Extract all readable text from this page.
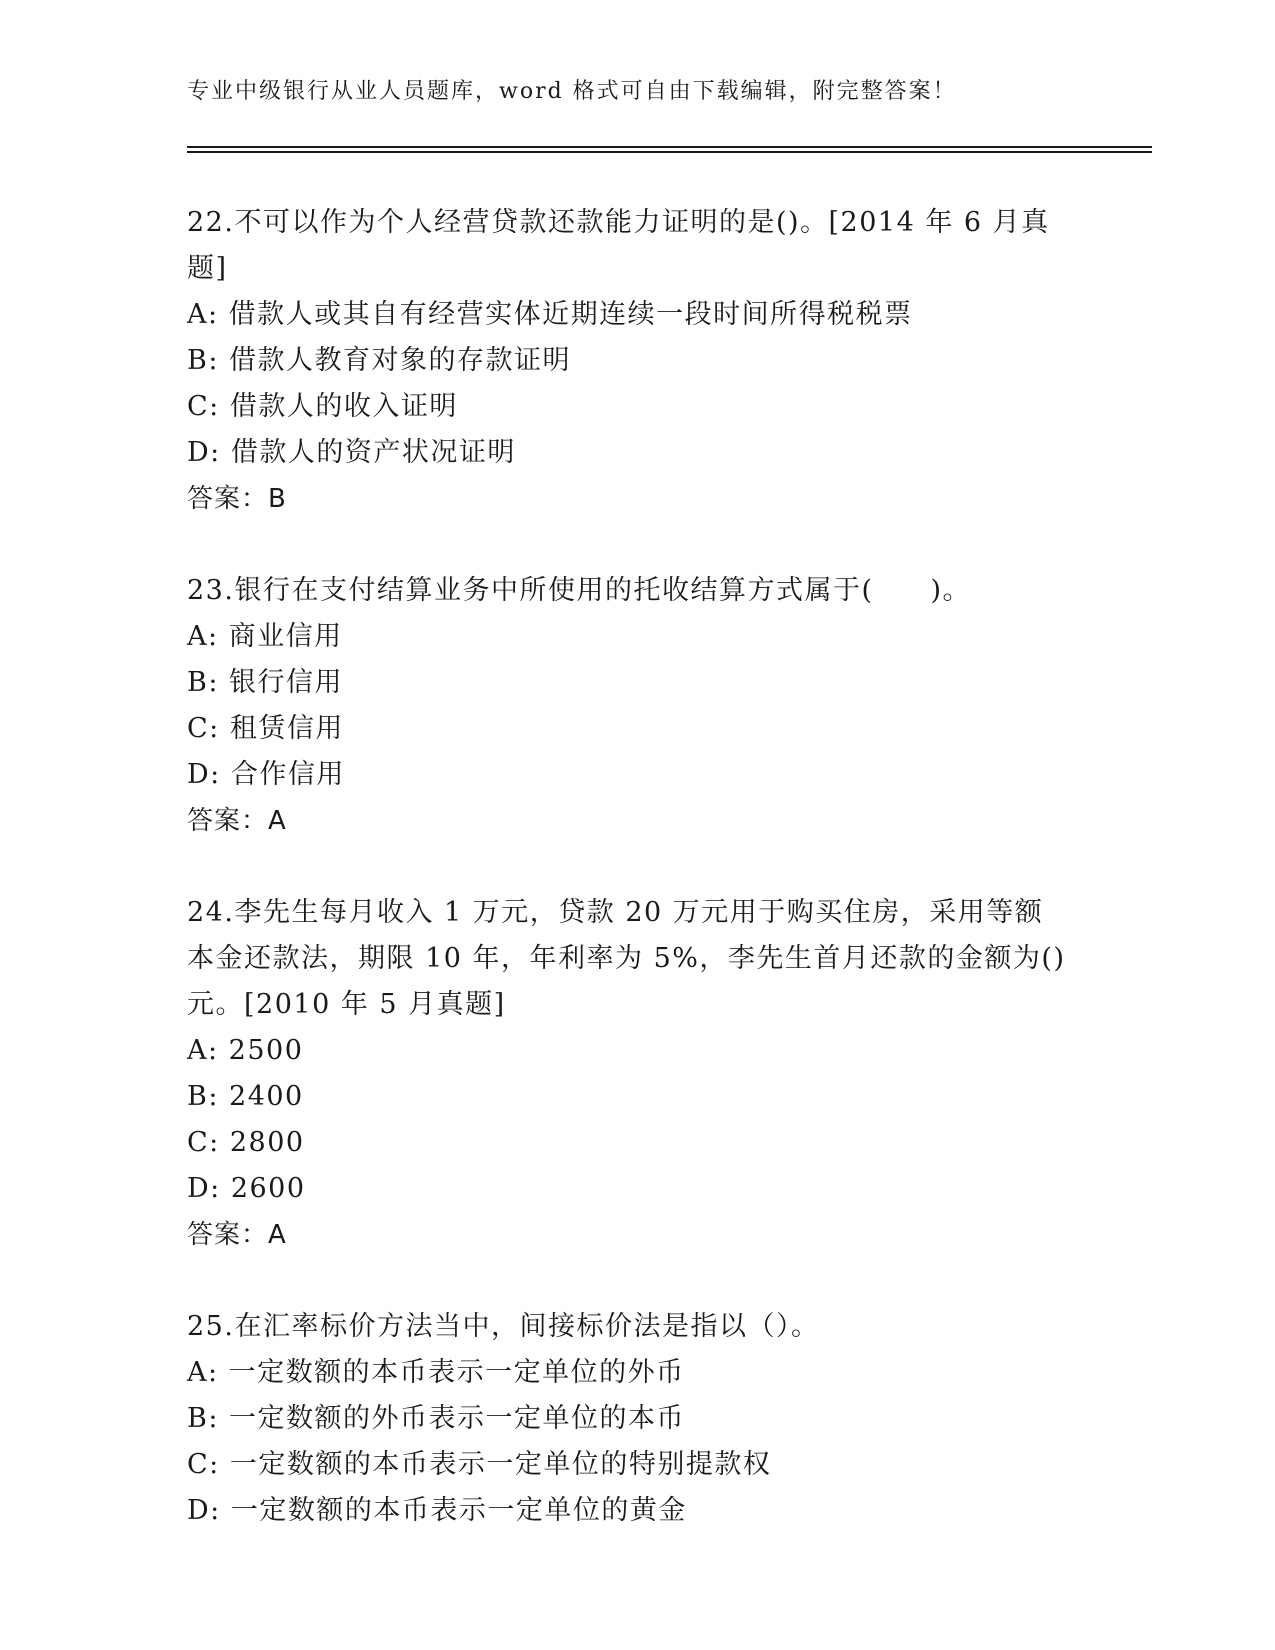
专业中级银行从业人员题库，word 格式可自由下载编辑，附完整答案！
22.不可以作为个人经营贷款还款能力证明的是()。[2014 年 6 月真题]
A: 借款人或其自有经营实体近期连续一段时间所得税税票
B: 借款人教育对象的存款证明
C: 借款人的收入证明
D: 借款人的资产状况证明
答案：B
23.银行在支付结算业务中所使用的托收结算方式属于(　　)。
A: 商业信用
B: 银行信用
C: 租赁信用
D: 合作信用
答案：A
24.李先生每月收入 1 万元，贷款 20 万元用于购买住房，采用等额本金还款法，期限 10 年，年利率为 5%，李先生首月还款的金额为()元。[2010 年 5 月真题]
A: 2500
B: 2400
C: 2800
D: 2600
答案：A
25.在汇率标价方法当中，间接标价法是指以（）。
A: 一定数额的本币表示一定单位的外币
B: 一定数额的外币表示一定单位的本币
C: 一定数额的本币表示一定单位的特别提款权
D: 一定数额的本币表示一定单位的黄金
